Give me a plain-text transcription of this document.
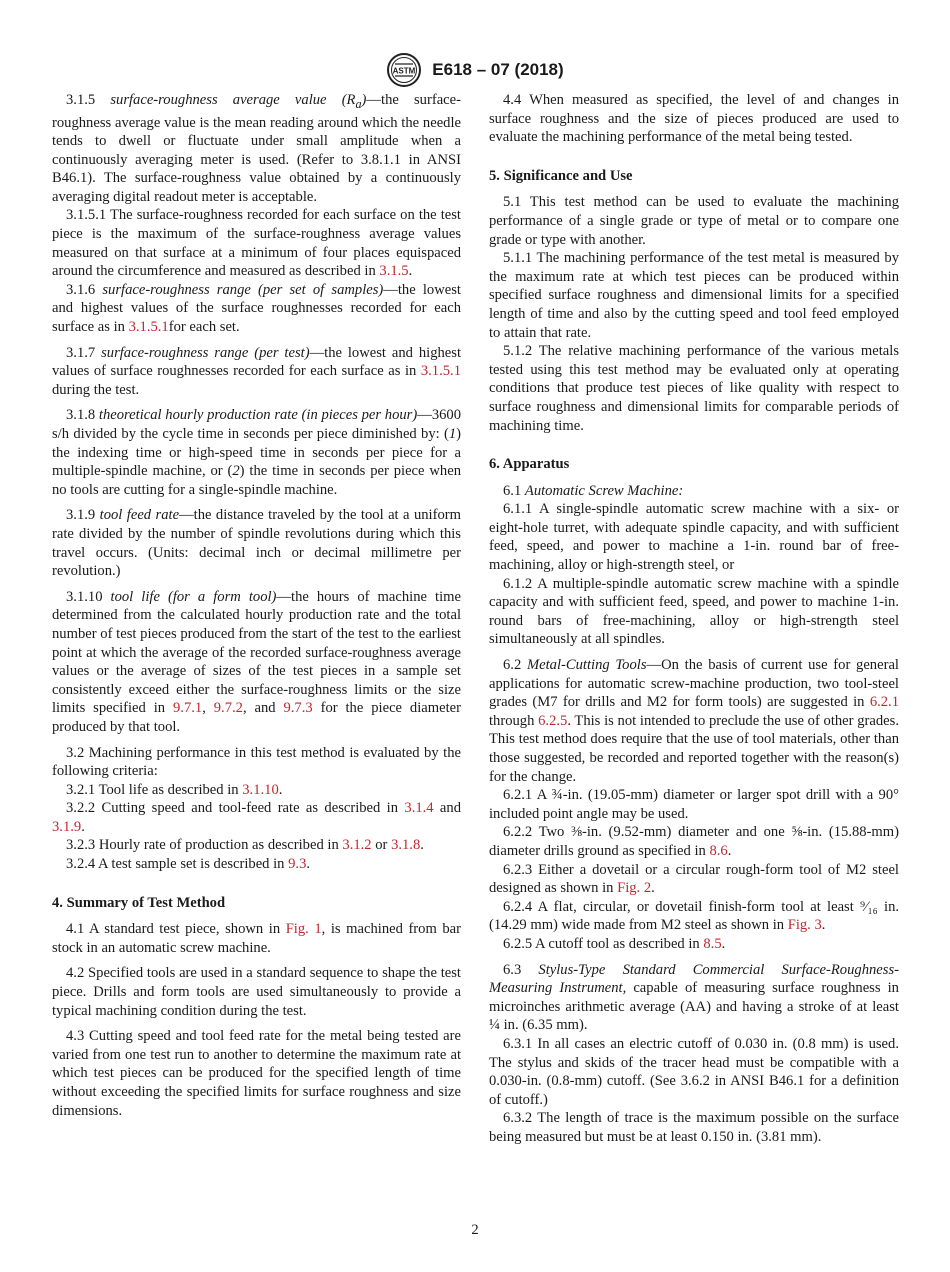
ASTM E618 – 07 (2018)

3.1.5 surface-roughness average value $(R_a)—the$ surface-roughness average value is the mean reading around which the needle tends to dwell or fluctuate under small amplitude when a continuously averaging meter is used. (Refer to 3.8.1.1 in ANSI B46.1). The surface-roughness value obtained by a continuously averaging digital readout meter is acceptable.

3.1.5.1 The surface-roughness recorded for each surface on the test piece is the maximum of the surface-roughness average values measured on that surface at a minimum of four places equispaced around the circumference and measured as described in 3.1.5.

3.1.6 surface-roughness range (per set of samples)—the lowest and highest values of the surface roughnesses recorded for each surface as in 3.1.5.1for each set.

3.1.7 surface-roughness range (per test)—the lowest and highest values of surface roughnesses recorded for each surface as in 3.1.5.1 during the test.

3.1.8 theoretical hourly production rate (in pieces per hour)—3600 s/h divided by the cycle time in seconds per piece diminished by: (1) the indexing time or high-speed time in seconds per piece for a multiple-spindle machine, or (2) the time in seconds per piece when no tools are cutting for a single-spindle machine.

3.1.9 tool feed rate—the distance traveled by the tool at a uniform rate divided by the number of spindle revolutions during which this travel occurs. (Units: decimal inch or decimal millimetre per revolution.)

3.1.10 tool life (for a form tool)—the hours of machine time determined from the calculated hourly production rate and the total number of test pieces produced from the start of the test to the earliest point at which the average of the recorded surface-roughness average values or the average of sizes of the test pieces in a sample set consistently exceed either the surface-roughness limits or the size limits specified in 9.7.1, 9.7.2, and 9.7.3 for the piece diameter produced by that tool.

3.2 Machining performance in this test method is evaluated by the following criteria:

3.2.1 Tool life as described in 3.1.10.

3.2.2 Cutting speed and tool-feed rate as described in 3.1.4 and 3.1.9.

3.2.3 Hourly rate of production as described in 3.1.2 or 3.1.8.

3.2.4 A test sample set is described in 9.3.

4. Summary of Test Method

4.1 A standard test piece, shown in Fig. 1, is machined from bar stock in an automatic screw machine.

4.2 Specified tools are used in a standard sequence to shape the test piece. Drills and form tools are used simultaneously to provide a typical machining condition during the test.

4.3 Cutting speed and tool feed rate for the metal being tested are varied from one test run to another to determine the maximum rate at which test pieces can be produced for the specified length of time without exceeding the specified limits for surface roughness and size dimensions.

4.4 When measured as specified, the level of and changes in surface roughness and the size of pieces produced are used to evaluate the machining performance of the metal being tested.

5. Significance and Use

5.1 This test method can be used to evaluate the machining performance of a single grade or type of metal or to compare one grade or type with another.

5.1.1 The machining performance of the test metal is measured by the maximum rate at which test pieces can be produced within specified surface roughness and dimensional limits for a specified length of time and also by the cutting speed and tool feed employed to attain that rate.

5.1.2 The relative machining performance of the various metals tested using this test method may be evaluated only at operating conditions that produce test pieces of like quality with respect to surface roughness and dimensional limits for comparable periods of machining time.

6. Apparatus

6.1 Automatic Screw Machine:

6.1.1 A single-spindle automatic screw machine with a six- or eight-hole turret, with adequate spindle capacity, and with sufficient feed, speed, and power to machine a 1-in. round bar of free-machining, alloy or high-strength steel, or

6.1.2 A multiple-spindle automatic screw machine with a spindle capacity and with sufficient feed, speed, and power to machine 1-in. round bars of free-machining, alloy or high-strength steel simultaneously at all spindles.

6.2 Metal-Cutting Tools—On the basis of current use for general applications for automatic screw-machine production, two tool-steel grades (M7 for drills and M2 for form tools) are suggested in 6.2.1 through 6.2.5. This is not intended to preclude the use of other grades. This test method does require that the use of tool materials, other than those suggested, be recorded and reported together with the reason(s) for the change.

6.2.1 A ¾-in. (19.05-mm) diameter or larger spot drill with a 90° included point angle may be used.

6.2.2 Two ⅜-in. (9.52-mm) diameter and one ⅝-in. (15.88-mm) diameter drills ground as specified in 8.6.

6.2.3 Either a dovetail or a circular rough-form tool of M2 steel designed as shown in Fig. 2.

6.2.4 A flat, circular, or dovetail finish-form tool at least ⁹⁄₁₆ in. (14.29 mm) wide made from M2 steel as shown in Fig. 3.

6.2.5 A cutoff tool as described in 8.5.

6.3 Stylus-Type Standard Commercial Surface-Roughness-Measuring Instrument, capable of measuring surface roughness in microinches arithmetic average (AA) and having a stroke of at least ¼ in. (6.35 mm).

6.3.1 In all cases an electric cutoff of 0.030 in. (0.8 mm) is used. The stylus and skids of the tracer head must be compatible with a 0.030-in. (0.8-mm) cutoff. (See 3.6.2 in ANSI B46.1 for a definition of cutoff.)

6.3.2 The length of trace is the maximum possible on the surface being measured but must be at least 0.150 in. (3.81 mm).

2
